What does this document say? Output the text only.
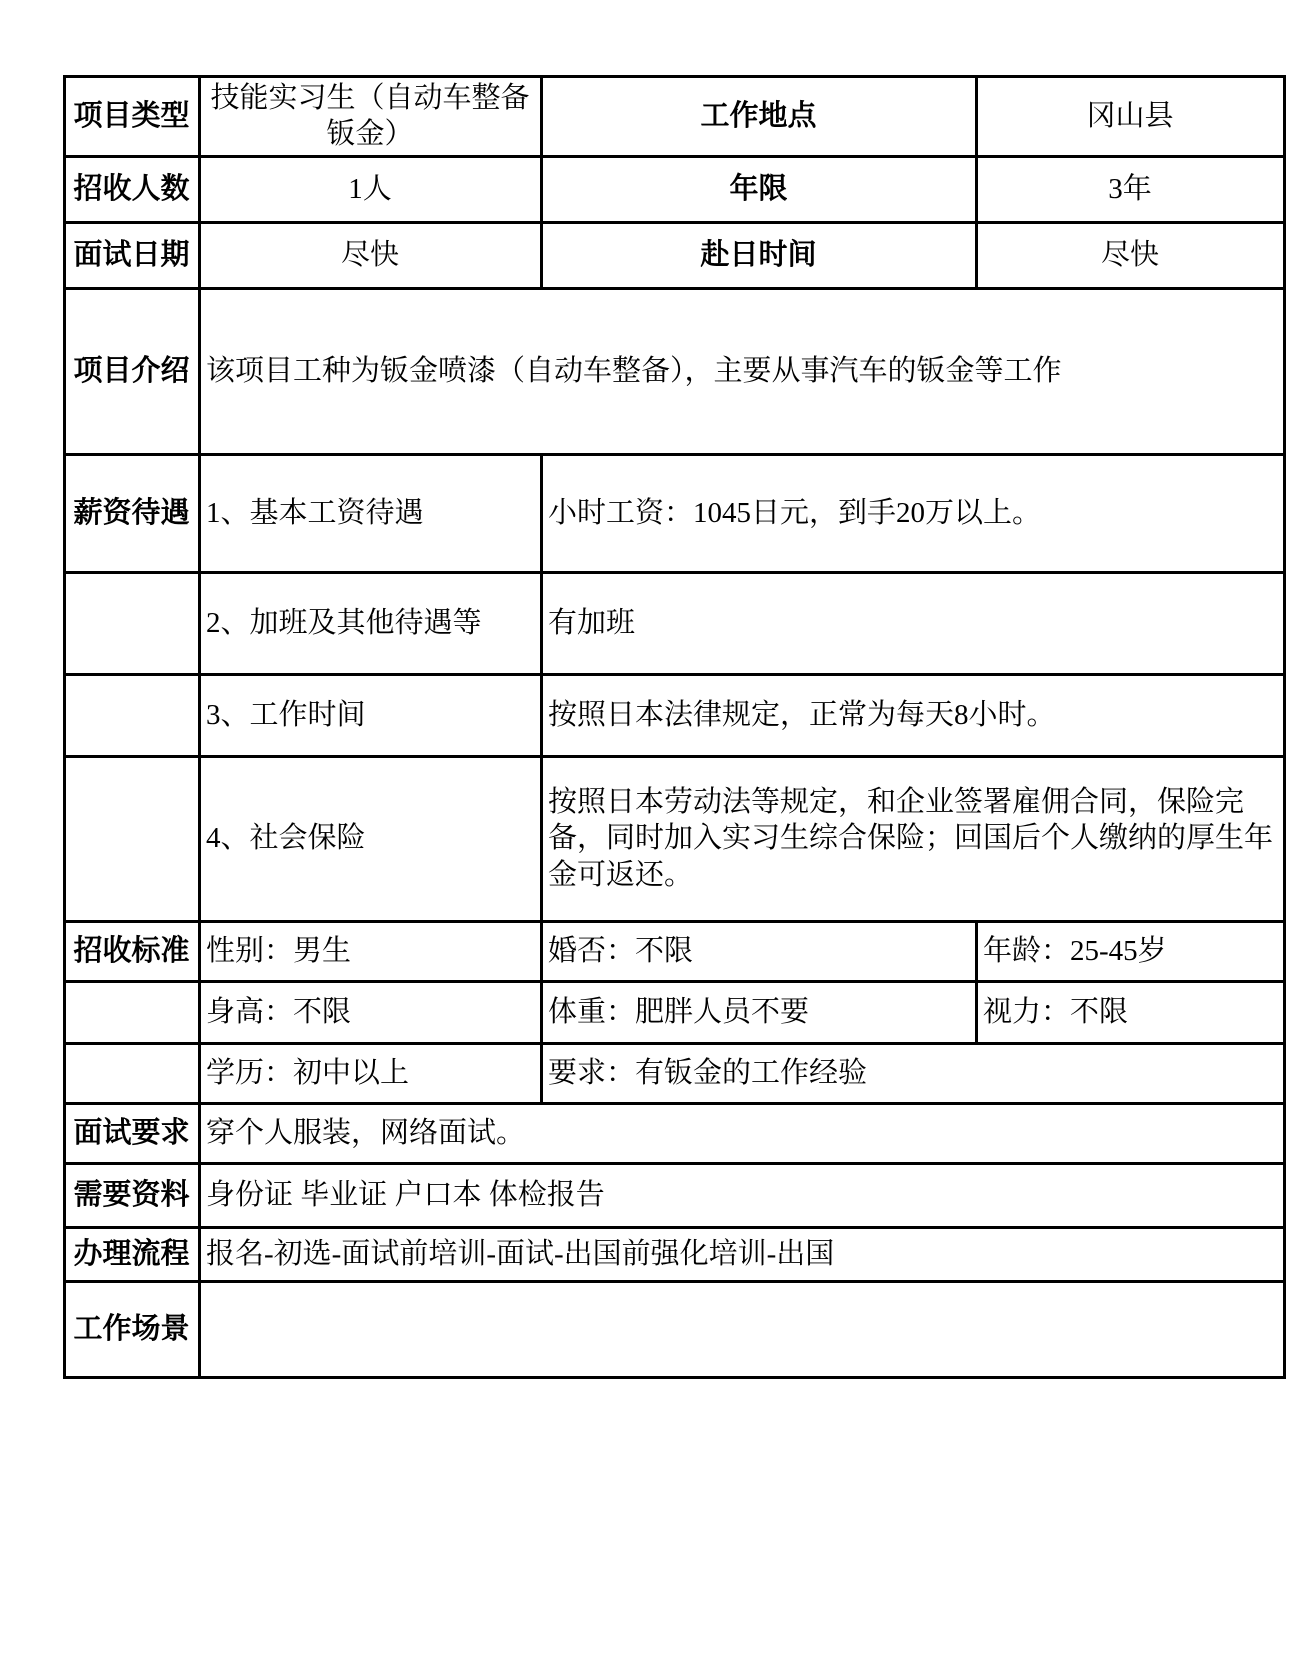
项目类型	技能实习生（自动车整备钣金）	工作地点	冈山县
招收人数	1人	年限	3年
面试日期	尽快	赴日时间	尽快
项目介绍	该项目工种为钣金喷漆（自动车整备），主要从事汽车的钣金等工作		
薪资待遇	1、基本工资待遇	小时工资：1045日元，到手20万以上。	
	2、加班及其他待遇等	有加班	
	3、工作时间	按照日本法律规定，正常为每天8小时。	
	4、社会保险	按照日本劳动法等规定，和企业签署雇佣合同，保险完备，同时加入实习生综合保险；回国后个人缴纳的厚生年金可返还。	
招收标准	性别：男生	婚否：不限	年龄：25-45岁
	身高：不限	体重：肥胖人员不要	视力：不限
	学历：初中以上	要求：有钣金的工作经验	
面试要求	穿个人服装，网络面试。		
需要资料	身份证 毕业证 户口本 体检报告		
办理流程	报名-初选-面试前培训-面试-出国前强化培训-出国		
工作场景			
